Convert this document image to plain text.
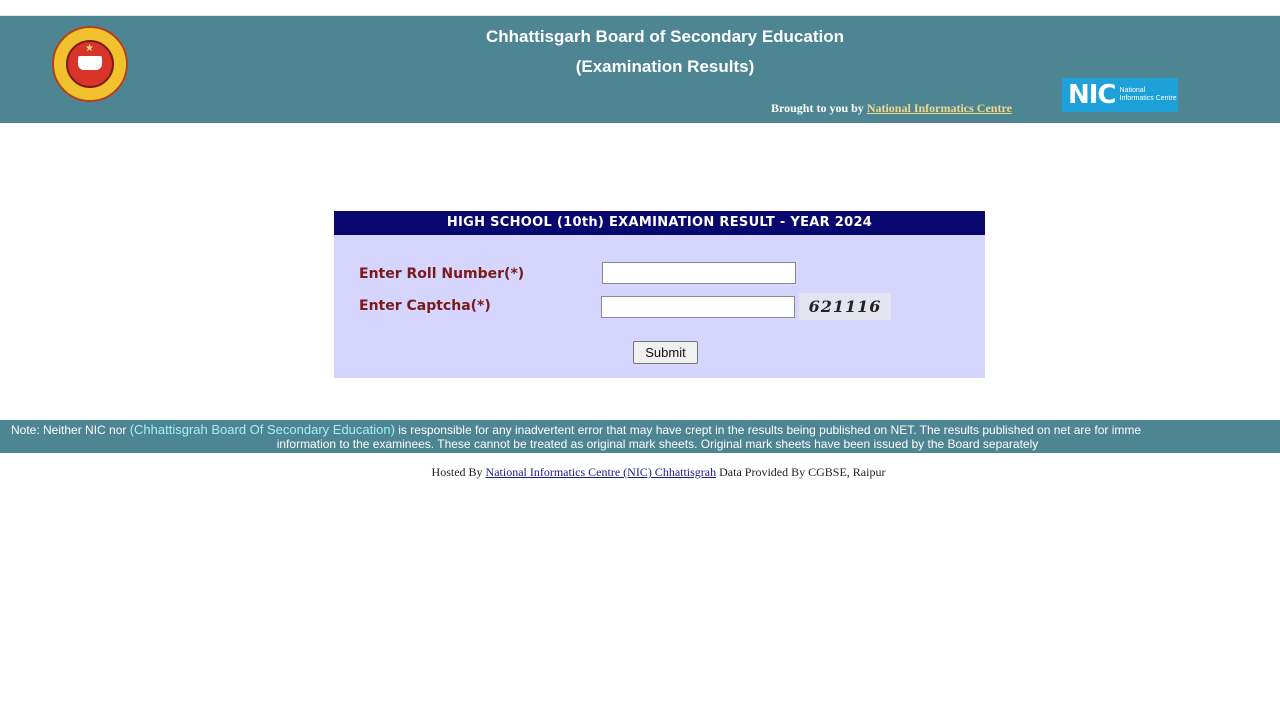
★
Chhattisgarh Board of Secondary Education
(Examination Results)
Brought to you by National Informatics Centre NIC National Informatics Centre
HIGH SCHOOL (10th) EXAMINATION RESULT - YEAR 2024
Enter Roll Number(*)
Enter Captcha(*)	621116
Submit
Note: Neither NIC nor (Chhattisgrah Board Of Secondary Education) is responsible for any inadvertent error that may have crept in the results being published on NET. The results published on net are for imme
information to the examinees. These cannot be treated as original mark sheets. Original mark sheets have been issued by the Board separately
Hosted By National Informatics Centre (NIC) Chhattisgrah Data Provided By CGBSE, Raipur
